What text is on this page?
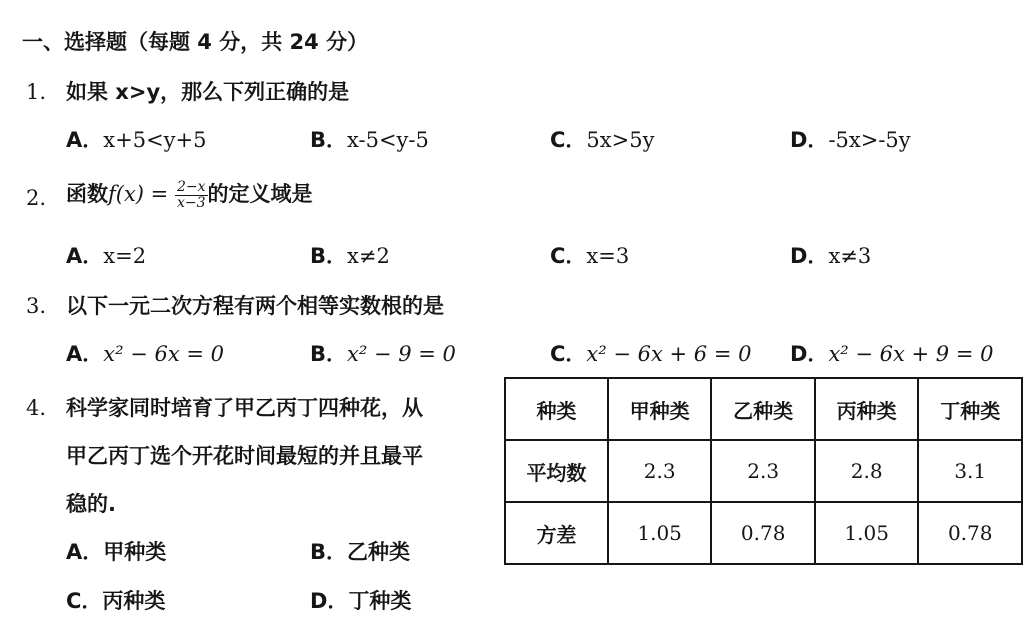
一、选择题（每题 4 分，共 24 分）
1. 如果 x>y，那么下列正确的是
A．x+5<y+5	B．x-5<y-5	C．5x>5y	D．-5x>-5y
2. 函数$f(x) = \frac{2-x}{x-3}$ 的定义域是
A．x=2	B．x≠2	C．x=3	D．x≠3
3. 以下一元二次方程有两个相等实数根的是
A．x² − 6x = 0	B．x² − 9 = 0	C．x² − 6x + 6 = 0 D．x² − 6x + 9 = 0
4. 科学家同时培育了甲乙丙丁四种花，从
甲乙丙丁选个开花时间最短的并且最平
稳的.
A．甲种类	B．乙种类
C．丙种类	D．丁种类
种类	甲种类	乙种类	丙种类	丁种类
平均数	2.3	2.3	2.8	3.1
方差	1.05	0.78	1.05	0.78
